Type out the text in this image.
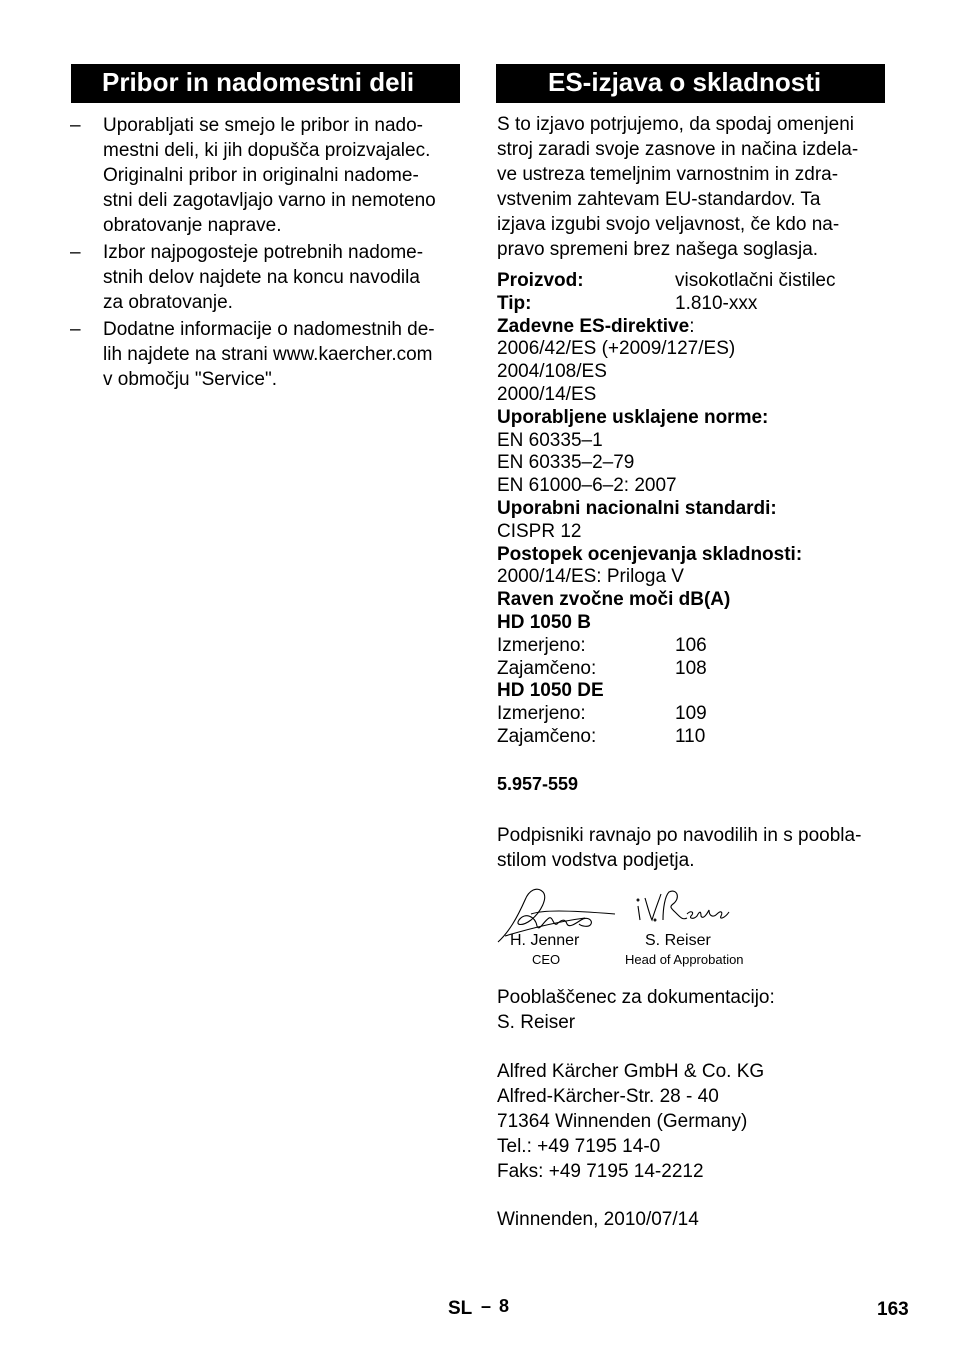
Pribor in nadomestni deli
– Uporabljati se smejo le pribor in nado-
mestni deli, ki jih dopušča proizvajalec.
Originalni pribor in originalni nadome-
stni deli zagotavljajo varno in nemoteno
obratovanje naprave.
– Izbor najpogosteje potrebnih nadome-
stnih delov najdete na koncu navodila
za obratovanje.
– Dodatne informacije o nadomestnih de-
lih najdete na strani www.kaercher.com
v območju "Service".
ES-izjava o skladnosti
S to izjavo potrjujemo, da spodaj omenjeni
stroj zaradi svoje zasnove in načina izdela-
ve ustreza temeljnim varnostnim in zdra-
vstvenim zahtevam EU-standardov. Ta
izjava izgubi svojo veljavnost, če kdo na-
pravo spremeni brez našega soglasja.
Proizvod:	visokotlačni čistilec
Tip:	1.810-xxx
Zadevne ES-direktive:
2006/42/ES (+2009/127/ES)
2004/108/ES
2000/14/ES
Uporabljene usklajene norme:
EN 60335–1
EN 60335–2–79
EN 61000–6–2: 2007
Uporabni nacionalni standardi:
CISPR 12
Postopek ocenjevanja skladnosti:
2000/14/ES: Priloga V
Raven zvočne moči dB(A)
HD 1050 B
Izmerjeno:	106
Zajamčeno:	108
HD 1050 DE
Izmerjeno:	109
Zajamčeno:	110
5.957-559
Podpisniki ravnajo po navodilih in s poobla-
stilom vodstva podjetja.
H. Jenner
CEO
S. Reiser
Head of Approbation
Pooblaščenec za dokumentacijo:
S. Reiser
Alfred Kärcher GmbH & Co. KG
Alfred-Kärcher-Str. 28 - 40
71364 Winnenden (Germany)
Tel.: +49 7195 14-0
Faks: +49 7195 14-2212
Winnenden, 2010/07/14
SL – 8	163
